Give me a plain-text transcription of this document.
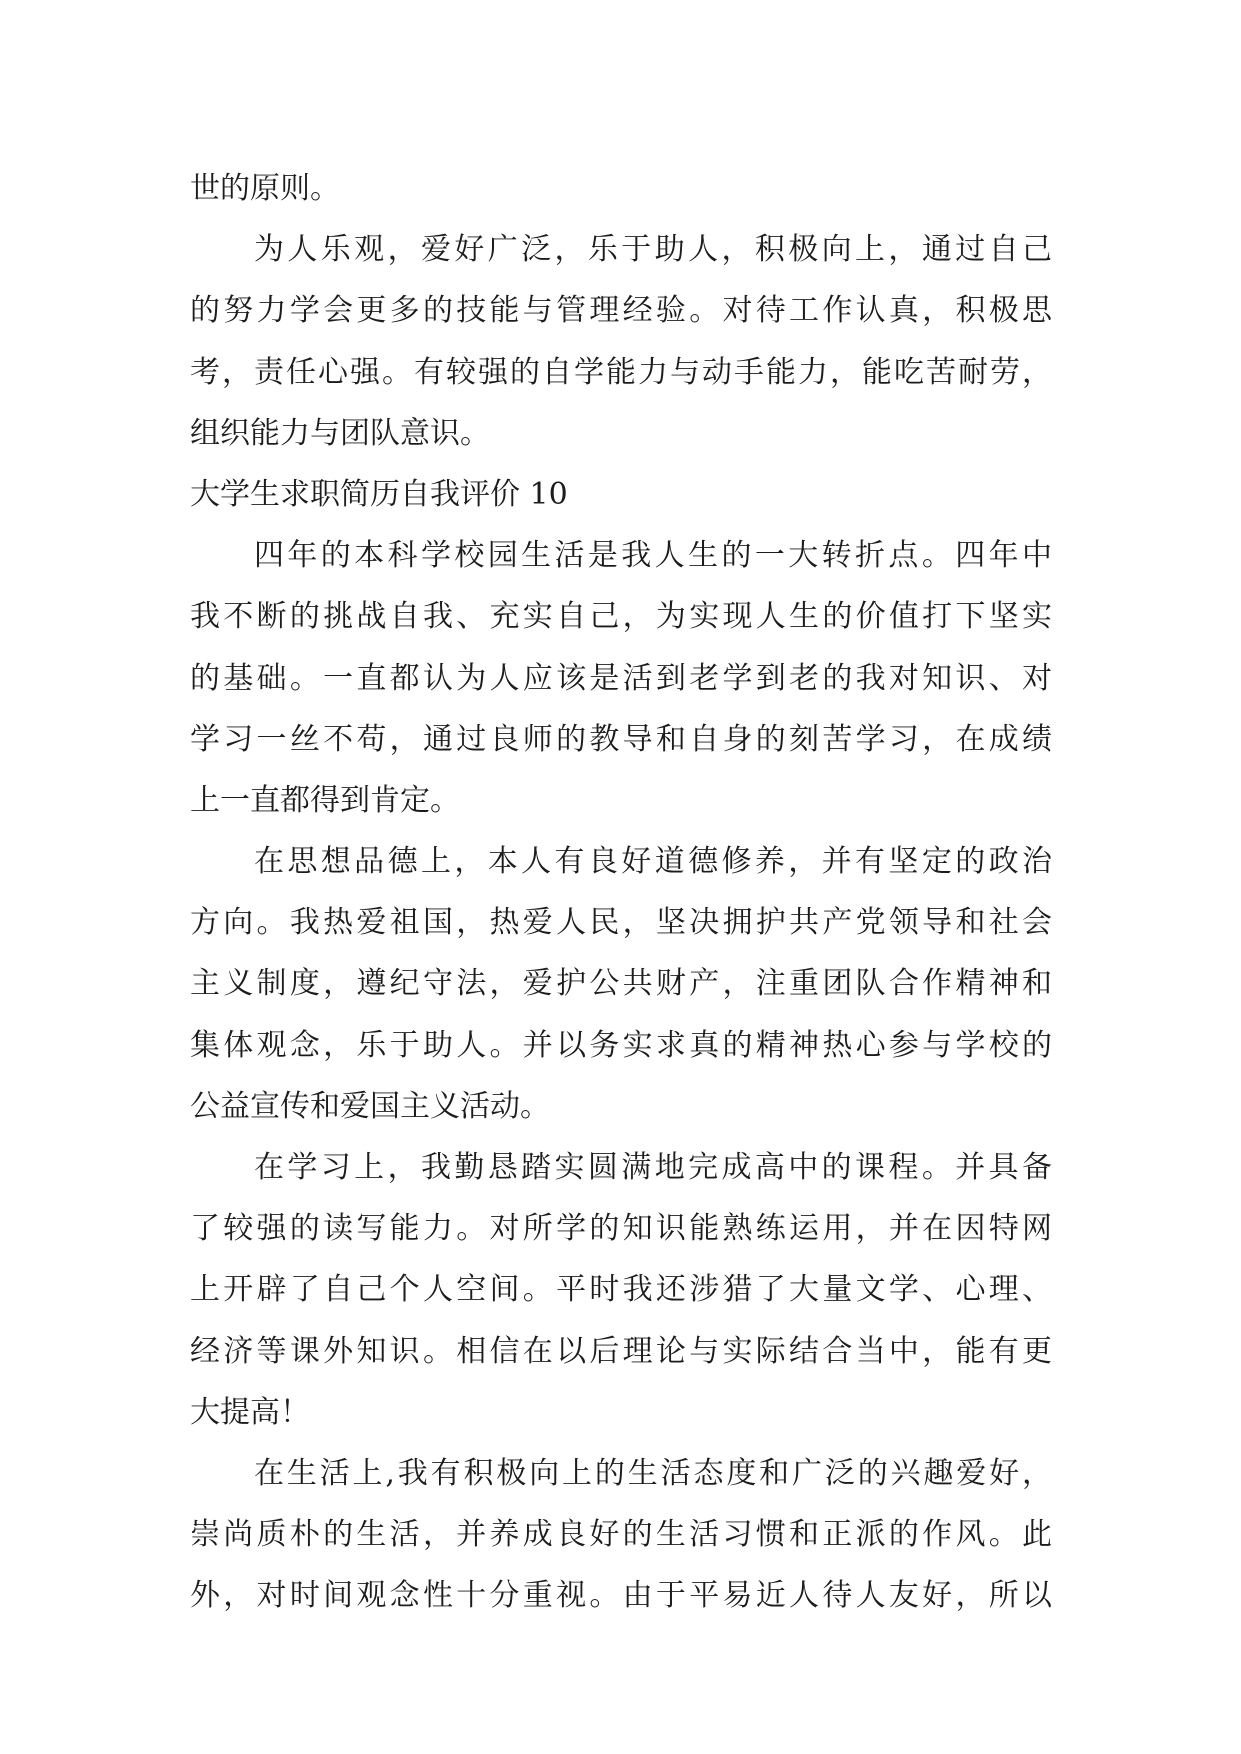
世的原则。
为人乐观，爱好广泛，乐于助人，积极向上，通过自己
的努力学会更多的技能与管理经验。对待工作认真，积极思
考，责任心强。有较强的自学能力与动手能力，能吃苦耐劳，
组织能力与团队意识。
大学生求职简历自我评价 10
四年的本科学校园生活是我人生的一大转折点。四年中
我不断的挑战自我、充实自己，为实现人生的价值打下坚实
的基础。一直都认为人应该是活到老学到老的我对知识、对
学习一丝不苟，通过良师的教导和自身的刻苦学习，在成绩
上一直都得到肯定。
在思想品德上，本人有良好道德修养，并有坚定的政治
方向。我热爱祖国，热爱人民，坚决拥护共产党领导和社会
主义制度，遵纪守法，爱护公共财产，注重团队合作精神和
集体观念，乐于助人。并以务实求真的精神热心参与学校的
公益宣传和爱国主义活动。
在学习上，我勤恳踏实圆满地完成高中的课程。并具备
了较强的读写能力。对所学的知识能熟练运用，并在因特网
上开辟了自己个人空间。平时我还涉猎了大量文学、心理、
经济等课外知识。相信在以后理论与实际结合当中，能有更
大提高！
在生活上,我有积极向上的生活态度和广泛的兴趣爱好，
崇尚质朴的生活，并养成良好的生活习惯和正派的作风。此
外，对时间观念性十分重视。由于平易近人待人友好，所以
